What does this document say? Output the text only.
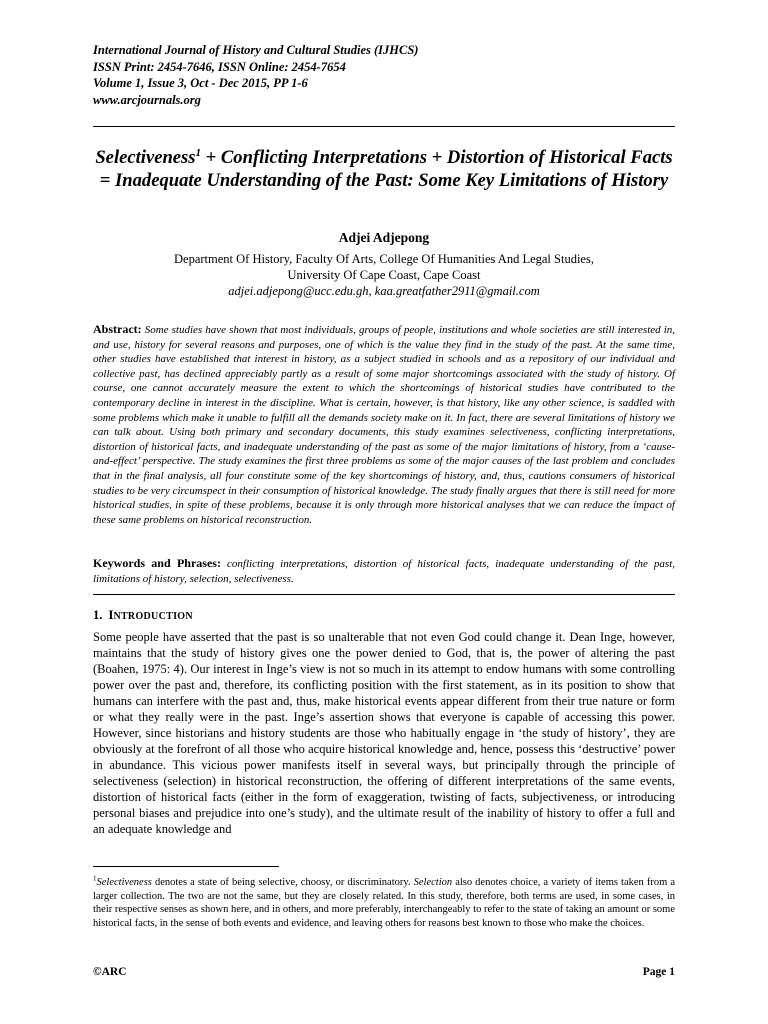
International Journal of History and Cultural Studies (IJHCS)
ISSN Print: 2454-7646, ISSN Online: 2454-7654
Volume 1, Issue 3, Oct - Dec 2015, PP 1-6
www.arcjournals.org
Selectiveness$^1$ + Conflicting Interpretations + Distortion of Historical Facts = Inadequate Understanding of the Past: Some Key Limitations of History
Adjei Adjepong
Department Of History, Faculty Of Arts, College Of Humanities And Legal Studies,
University Of Cape Coast, Cape Coast
adjei.adjepong@ucc.edu.gh, kaa.greatfather2911@gmail.com
Abstract: Some studies have shown that most individuals, groups of people, institutions and whole societies are still interested in, and use, history for several reasons and purposes, one of which is the value they find in the study of the past. At the same time, other studies have established that interest in history, as a subject studied in schools and as a repository of our individual and collective past, has declined appreciably partly as a result of some major shortcomings associated with the study of history. Of course, one cannot accurately measure the extent to which the shortcomings of historical studies have contributed to the contemporary decline in interest in the discipline. What is certain, however, is that history, like any other science, is saddled with some problems which make it unable to fulfill all the demands society make on it. In fact, there are several limitations of history we can talk about. Using both primary and secondary documents, this study examines selectiveness, conflicting interpretations, distortion of historical facts, and inadequate understanding of the past as some of the major limitations of history, from a ‘cause-and-effect’ perspective. The study examines the first three problems as some of the major causes of the last problem and concludes that in the final analysis, all four constitute some of the key shortcomings of history, and, thus, cautions consumers of historical studies to be very circumspect in their consumption of historical knowledge. The study finally argues that there is still need for more historical studies, in spite of these problems, because it is only through more historical analyses that we can reduce the impact of these same problems on historical reconstruction.
Keywords and Phrases: conflicting interpretations, distortion of historical facts, inadequate understanding of the past, limitations of history, selection, selectiveness.
1. INTRODUCTION
Some people have asserted that the past is so unalterable that not even God could change it. Dean Inge, however, maintains that the study of history gives one the power denied to God, that is, the power of altering the past (Boahen, 1975: 4). Our interest in Inge’s view is not so much in its attempt to endow humans with some controlling power over the past and, therefore, its conflicting position with the first statement, as in its position to show that humans can interfere with the past and, thus, make historical events appear different from their true nature or form or what they really were in the past. Inge’s assertion shows that everyone is capable of accessing this power. However, since historians and history students are those who habitually engage in ‘the study of history’, they are obviously at the forefront of all those who acquire historical knowledge and, hence, possess this ‘destructive’ power in abundance. This vicious power manifests itself in several ways, but principally through the principle of selectiveness (selection) in historical reconstruction, the offering of different interpretations of the same events, distortion of historical facts (either in the form of exaggeration, twisting of facts, subjectiveness, or introducing personal biases and prejudice into one’s study), and the ultimate result of the inability of history to offer a full and an adequate knowledge and
$^1$Selectiveness denotes a state of being selective, choosy, or discriminatory. Selection also denotes choice, a variety of items taken from a larger collection. The two are not the same, but they are closely related. In this study, therefore, both terms are used, in some cases, in their respective senses as shown here, and in others, and more preferably, interchangeably to refer to the state of taking an amount or some historical facts, in the sense of both events and evidence, and leaving others for reasons best known to those who make the choices.
©ARC	Page 1
